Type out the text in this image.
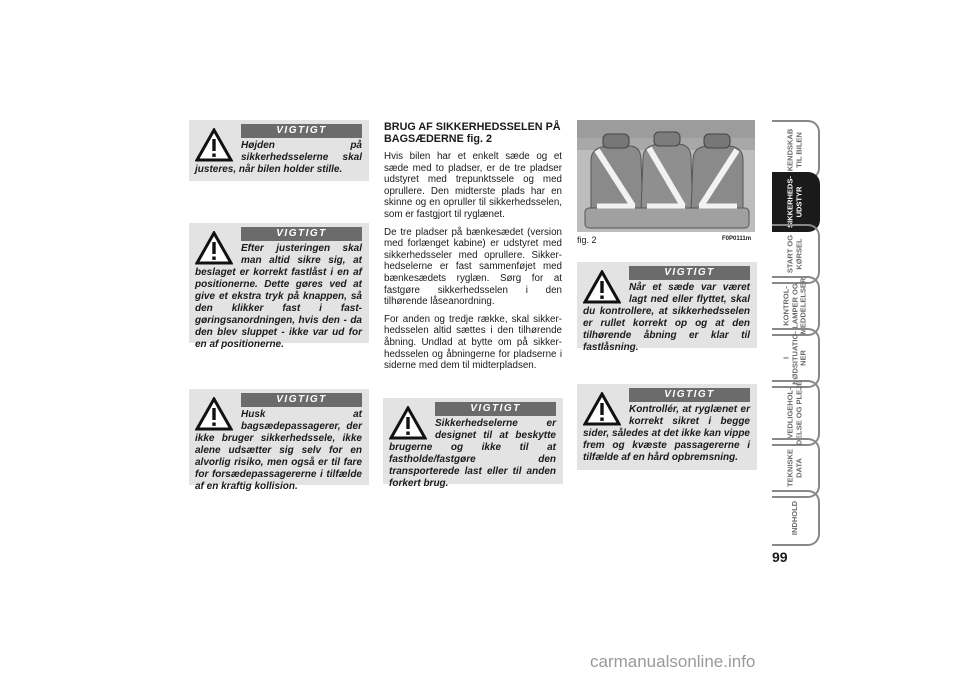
VIGTIGT
Højden på sikkerhedsselerne skal justeres, når bilen holder stille.
VIGTIGT
Efter justeringen skal man altid sikre sig, at beslaget er korrekt fastlåst i en af positionerne. Dette gøres ved at give et ekstra tryk på knappen, så den klikker fast i fastgøringsanordningen, hvis den - da den blev sluppet - ikke var ud for en af positionerne.
VIGTIGT
Husk at bagsædepassagerer, der ikke bruger sikkerhedssele, ikke alene udsætter sig selv for en alvorlig risiko, men også er til fare for forsædepassagererne i tilfælde af en kraftig kollision.
VIGTIGT
Sikkerhedselerne er designet til at beskytte brugerne og ikke til at fastholde/fastgøre den transporterede last eller til anden forkert brug.
VIGTIGT
Når et sæde var været lagt ned eller flyttet, skal du kontrollere, at sikkerhedsselen er rullet korrekt op og at den tilhørende åbning er klar til fastlåsning.
VIGTIGT
Kontrollér, at ryglænet er korrekt sikret i begge sider, således at det ikke kan vippe frem og kvæste passagererne i tilfælde af en hård opbremsning.
BRUG AF SIKKERHEDSSELEN PÅ BAGSÆDERNE fig. 2

Hvis bilen har et enkelt sæde og et sæde med to pladser, er de tre pladser udstyret med trepunktssele og med oprullere. Den midterste plads har en skinne og en opruller til sikkerhedsselen, som er fastgjort til ryglænet.

De tre pladser på bænkesædet (version med forlænget kabine) er udstyret med sikkerhedsseler med oprullere. Sikkerhedselerne er fast sammenføjet med bænkesædets ryglæn. Sørg for at fastgøre sikkerhedsselen i den tilhørende låseanordning.

For anden og tredje række, skal sikkerhedsselen altid sættes i den tilhørende åbning. Undlad at bytte om på sikkerhedsselen og åbningerne for pladserne i siderne med dem til midterpladsen.

fig. 2	F0P0111m
KENDSKAB
TIL BILEN
SIKKERHEDS-
UDSTYR
START OG
KØRSEL
KONTROL-
LAMPER OG
MEDDELELSER
I
NØDSITUATIO-
NER
VEDLIGEHOL-
DELSE OG PLEJE
TEKNISKE
DATA
INDHOLD
99
carmanualsonline.info
